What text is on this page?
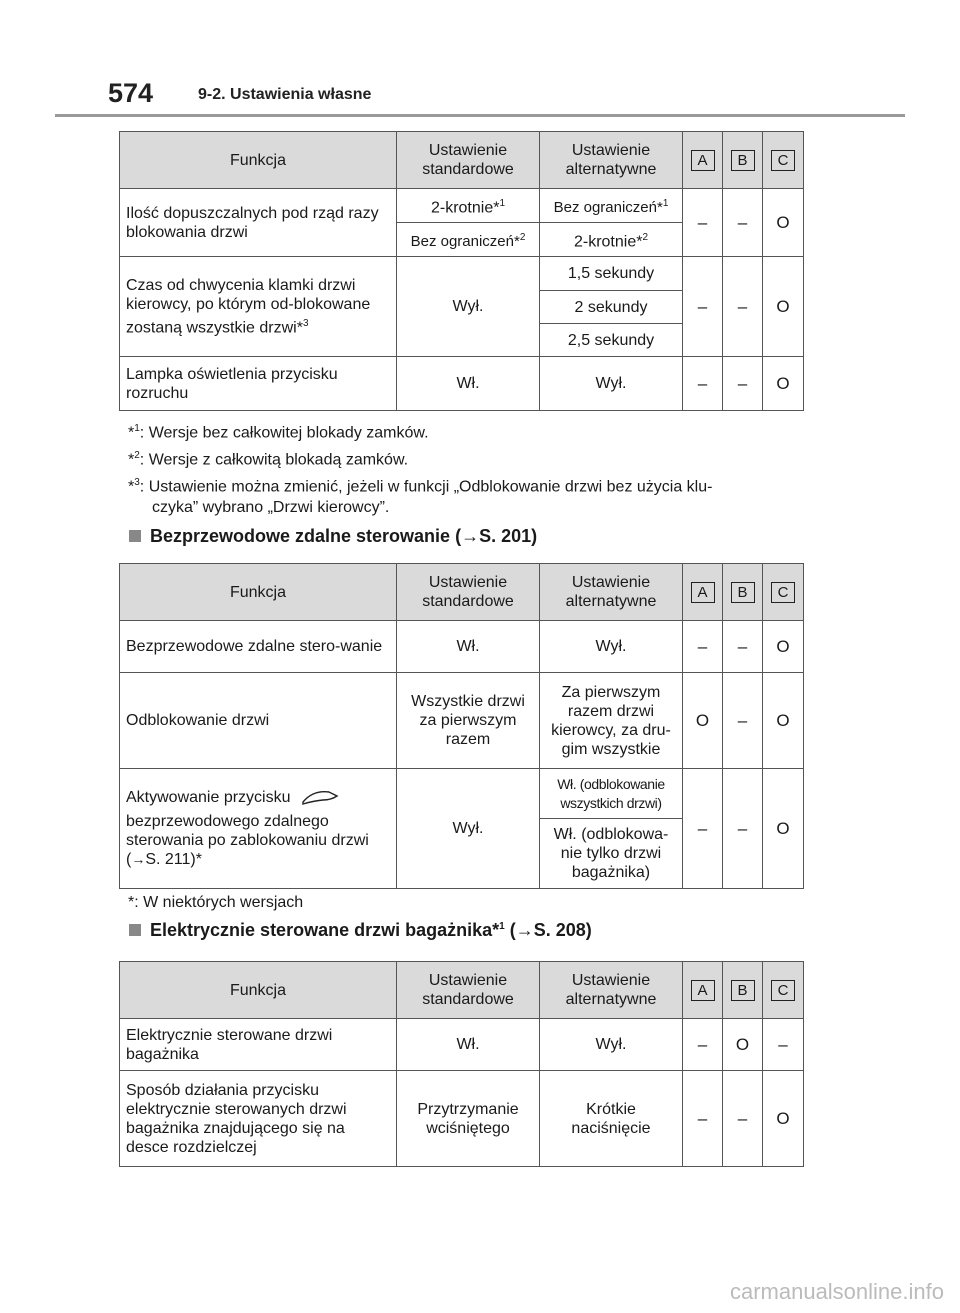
574	9-2. Ustawienia własne
Funkcja	Ustawienie standardowe	Ustawienie alternatywne	A	B	C
Ilość dopuszczalnych pod rząd razy blokowania drzwi	2-krotnie*$^1$	Bez ograniczeń*$^1$	–	–	O
	Bez ograniczeń*$^2$	2-krotnie*$^2$
Czas od chwycenia klamki drzwi kierowcy, po którym od-blokowane zostaną wszystkie drzwi*$^3$	Wył.	1,5 sekundy	–	–	O
		2 sekundy			
		2,5 sekundy			
Lampka oświetlenia przycisku rozruchu	Wł.	Wył.	–	–	O
*$^1$: Wersje bez całkowitej blokady zamków.
*$^2$: Wersje z całkowitą blokadą zamków.
*$^3$: Ustawienie można zmienić, jeżeli w funkcji „Odblokowanie drzwi bez użycia klu-
czyka” wybrano „Drzwi kierowcy”.
Bezprzewodowe zdalne sterowanie (→S. 201)
Funkcja	Ustawienie standardowe	Ustawienie alternatywne	A	B	C
Bezprzewodowe zdalne stero-wanie	Wł.	Wył.	–	–	O
Odblokowanie drzwi	Wszystkie drzwi za pierwszym razem	Za pierwszym razem drzwi kierowcy, za dru-gim wszystkie	O	–	O

Aktywowanie przycisku
bezprzewodowego zdalnego sterowania po zablokowaniu drzwi (→S. 211)*	Wył.	Wł. (odblokowanie wszystkich drzwi)	–	–	O
		Wł. (odblokowa-nie tylko drzwi bagażnika)			
*: W niektórych wersjach
Elektrycznie sterowane drzwi bagażnika*$^1$ (→S. 208)
Funkcja	Ustawienie standardowe	Ustawienie alternatywne	A	B	C
Elektrycznie sterowane drzwi bagażnika	Wł.	Wył.	–	O	–
Sposób działania przycisku elektrycznie sterowanych drzwi bagażnika znajdującego się na desce rozdzielczej	Przytrzymanie wciśniętego	Krótkie naciśnięcie	–	–	O
carmanualsonline.info
